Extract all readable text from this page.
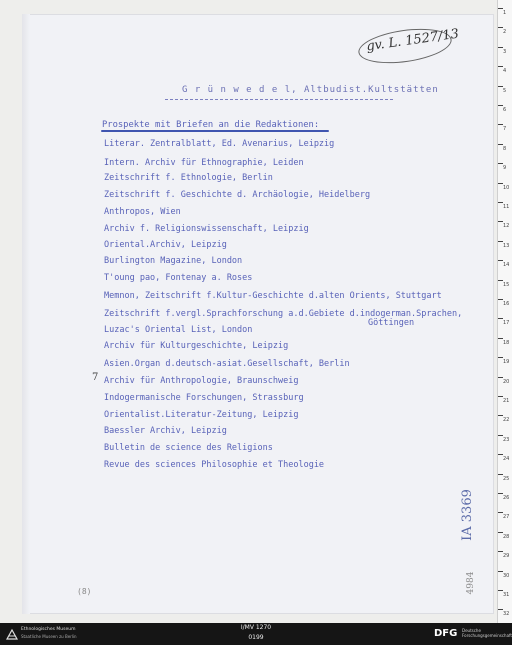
gv. L. 1527/13
G r ü n w e d e l, Altbudist.Kultstätten
Prospekte mit Briefen an die Redaktionen:
Literar. Zentralblatt, Ed. Avenarius, Leipzig
Intern. Archiv für Ethnographie, Leiden
Zeitschrift f. Ethnologie, Berlin
Zeitschrift f. Geschichte d. Archäologie, Heidelberg
Anthropos, Wien
Archiv f. Religionswissenschaft, Leipzig
Oriental.Archiv, Leipzig
Burlington Magazine, London
T'oung pao, Fontenay a. Roses
Memnon, Zeitschrift f.Kultur-Geschichte d.alten Orients, Stuttgart
Zeitschrift f.vergl.Sprachforschung a.d.Gebiete d.indogerman.Sprachen,
Göttingen
Luzac's Oriental List, London
Archiv für Kulturgeschichte, Leipzig
Asien.Organ d.deutsch-asiat.Gesellschaft, Berlin
Archiv für Anthropologie, Braunschweig
Indogermanische Forschungen, Strassburg
Orientalist.Literatur-Zeitung, Leipzig
Baessler Archiv, Leipzig
Bulletin de science des Religions
Revue des sciences Philosophie et Theologie
7
IA 3369
4984
(8)
1
2
3
4
5
6
7
8
9
10
11
12
13
14
15
16
17
18
19
20
21
22
23
24
25
26
27
28
29
30
31
32
Ethnologisches Museum
Staatliche Museen zu Berlin
I/MV 1270
0199	DFG Deutsche
Forschungsgemeinschaft
